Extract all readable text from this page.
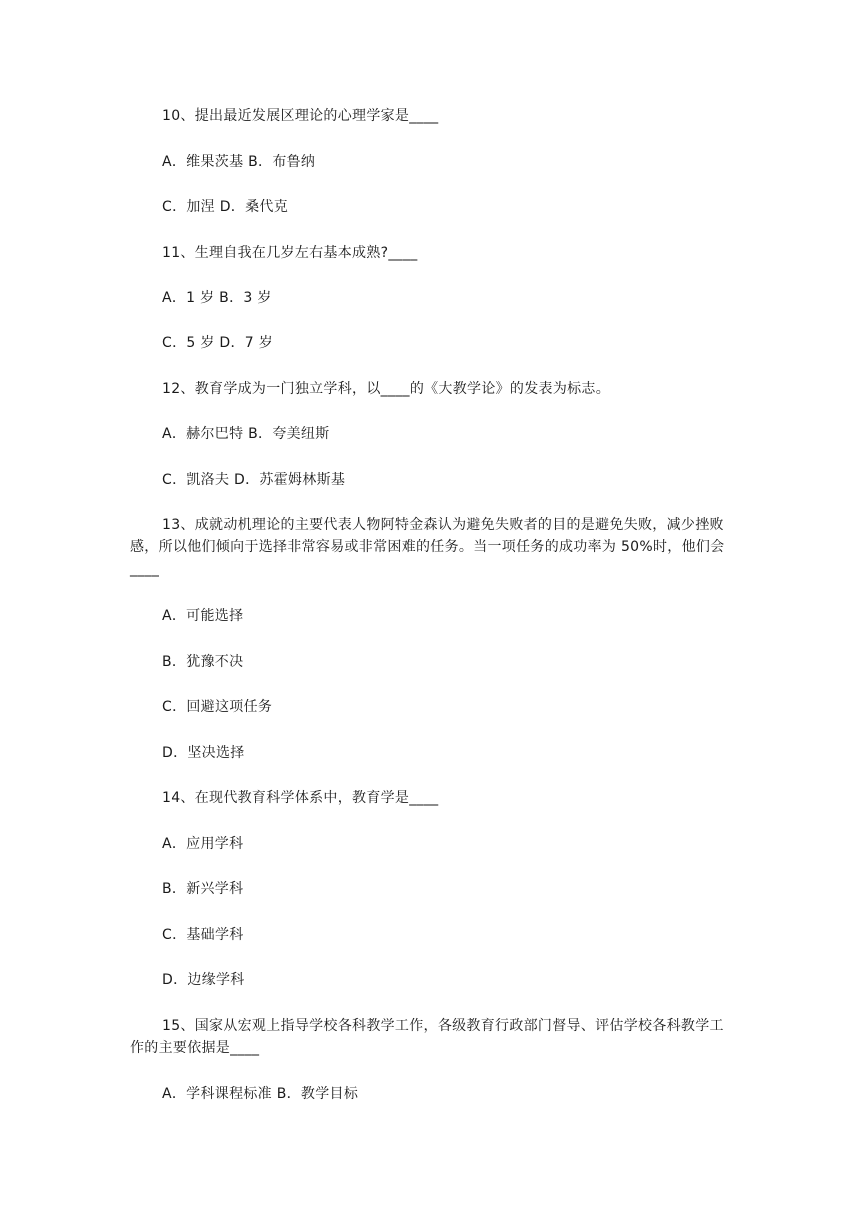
10、提出最近发展区理论的心理学家是____
A．维果茨基 B．布鲁纳
C．加涅 D．桑代克
11、生理自我在几岁左右基本成熟?____
A．1 岁 B．3 岁
C．5 岁 D．7 岁
12、教育学成为一门独立学科，以____的《大教学论》的发表为标志。
A．赫尔巴特 B．夸美纽斯
C．凯洛夫 D．苏霍姆林斯基
13、成就动机理论的主要代表人物阿特金森认为避免失败者的目的是避免失败，减少挫败感，所以他们倾向于选择非常容易或非常困难的任务。当一项任务的成功率为 50%时，他们会____
A．可能选择
B．犹豫不决
C．回避这项任务
D．坚决选择
14、在现代教育科学体系中，教育学是____
A．应用学科
B．新兴学科
C．基础学科
D．边缘学科
15、国家从宏观上指导学校各科教学工作，各级教育行政部门督导、评估学校各科教学工作的主要依据是____
A．学科课程标准 B．教学目标
